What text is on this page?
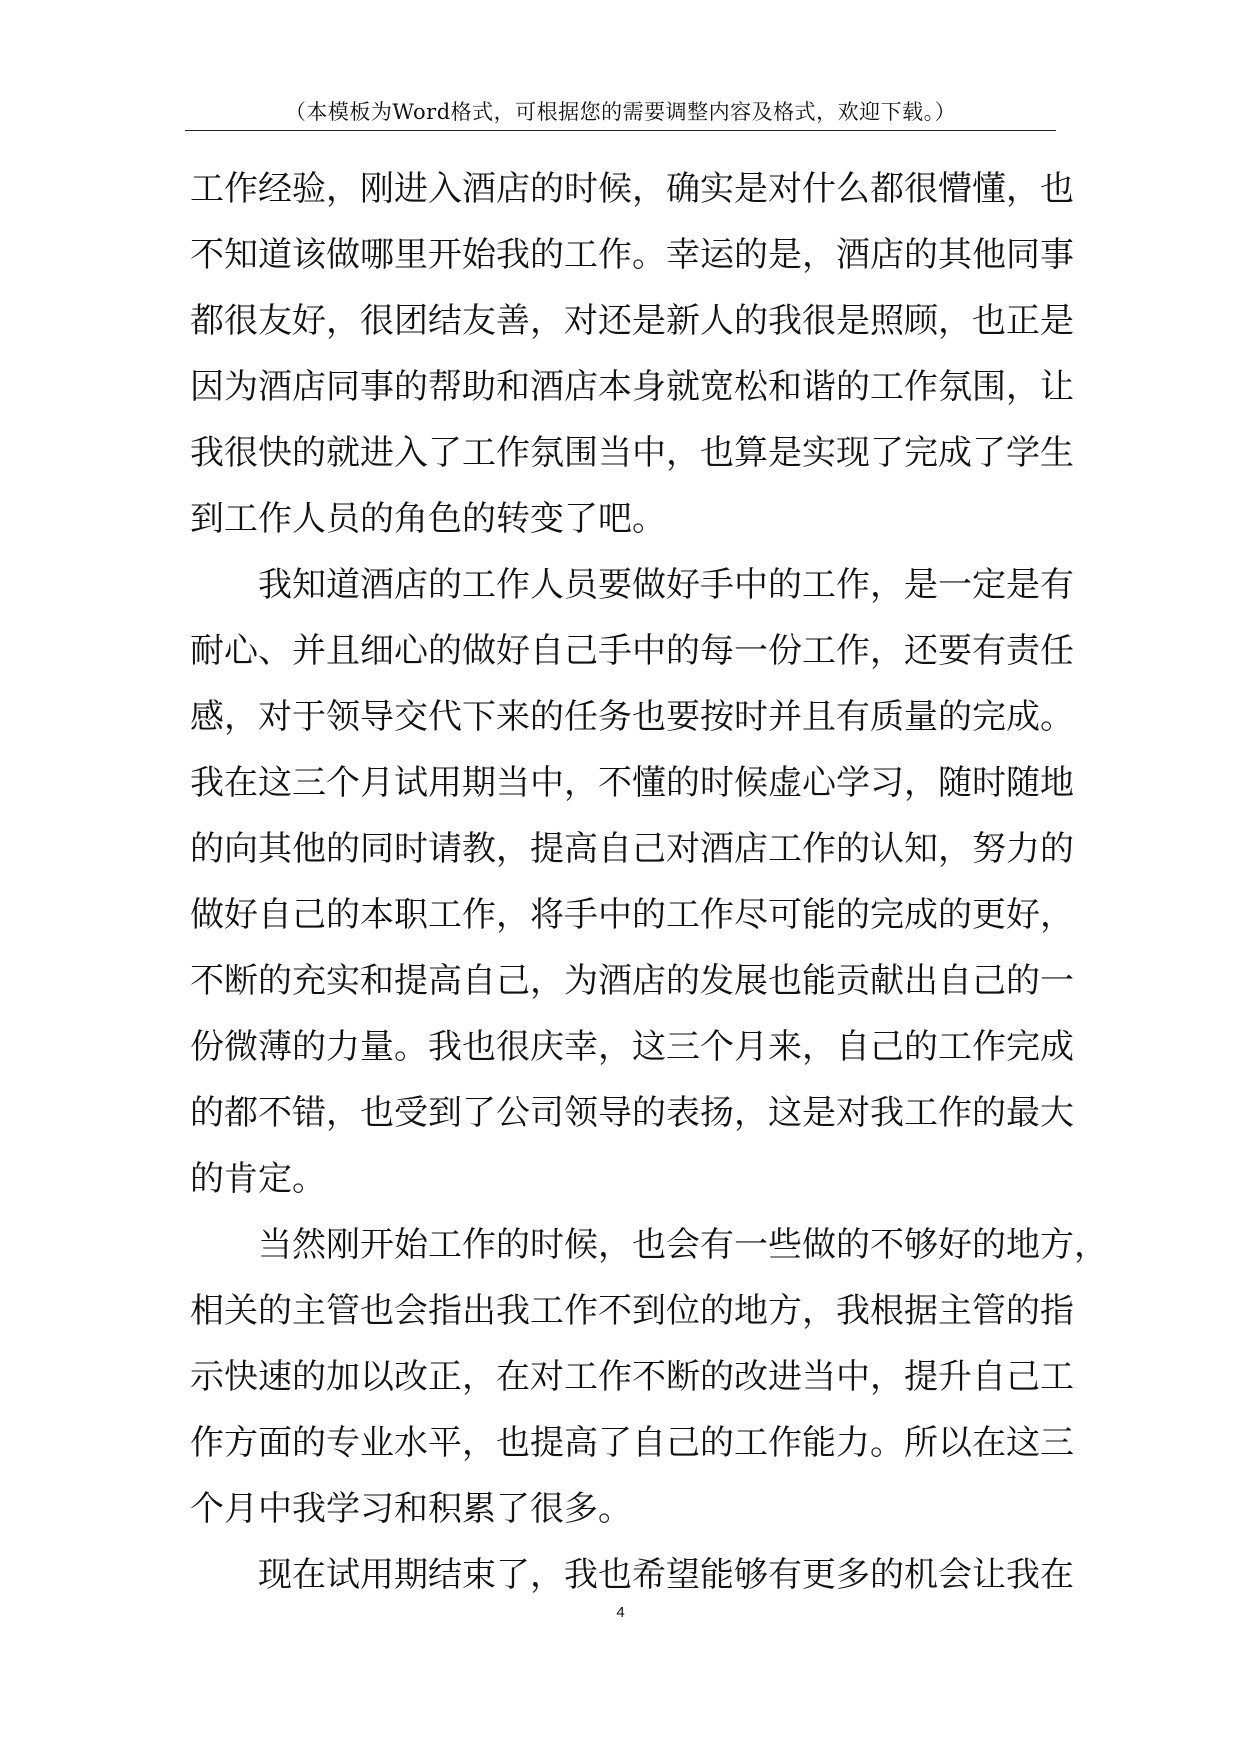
（本模板为Word格式，可根据您的需要调整内容及格式，欢迎下载。）
工作经验，刚进入酒店的时候，确实是对什么都很懵懂，也
不知道该做哪里开始我的工作。幸运的是，酒店的其他同事
都很友好，很团结友善，对还是新人的我很是照顾，也正是
因为酒店同事的帮助和酒店本身就宽松和谐的工作氛围，让
我很快的就进入了工作氛围当中，也算是实现了完成了学生
到工作人员的角色的转变了吧。
我知道酒店的工作人员要做好手中的工作，是一定是有
耐心、并且细心的做好自己手中的每一份工作，还要有责任
感，对于领导交代下来的任务也要按时并且有质量的完成。
我在这三个月试用期当中，不懂的时候虚心学习，随时随地
的向其他的同时请教，提高自己对酒店工作的认知，努力的
做好自己的本职工作，将手中的工作尽可能的完成的更好，
不断的充实和提高自己，为酒店的发展也能贡献出自己的一
份微薄的力量。我也很庆幸，这三个月来，自己的工作完成
的都不错，也受到了公司领导的表扬，这是对我工作的最大
的肯定。
当然刚开始工作的时候，也会有一些做的不够好的地方，
相关的主管也会指出我工作不到位的地方，我根据主管的指
示快速的加以改正，在对工作不断的改进当中，提升自己工
作方面的专业水平，也提高了自己的工作能力。所以在这三
个月中我学习和积累了很多。
现在试用期结束了，我也希望能够有更多的机会让我在
4
